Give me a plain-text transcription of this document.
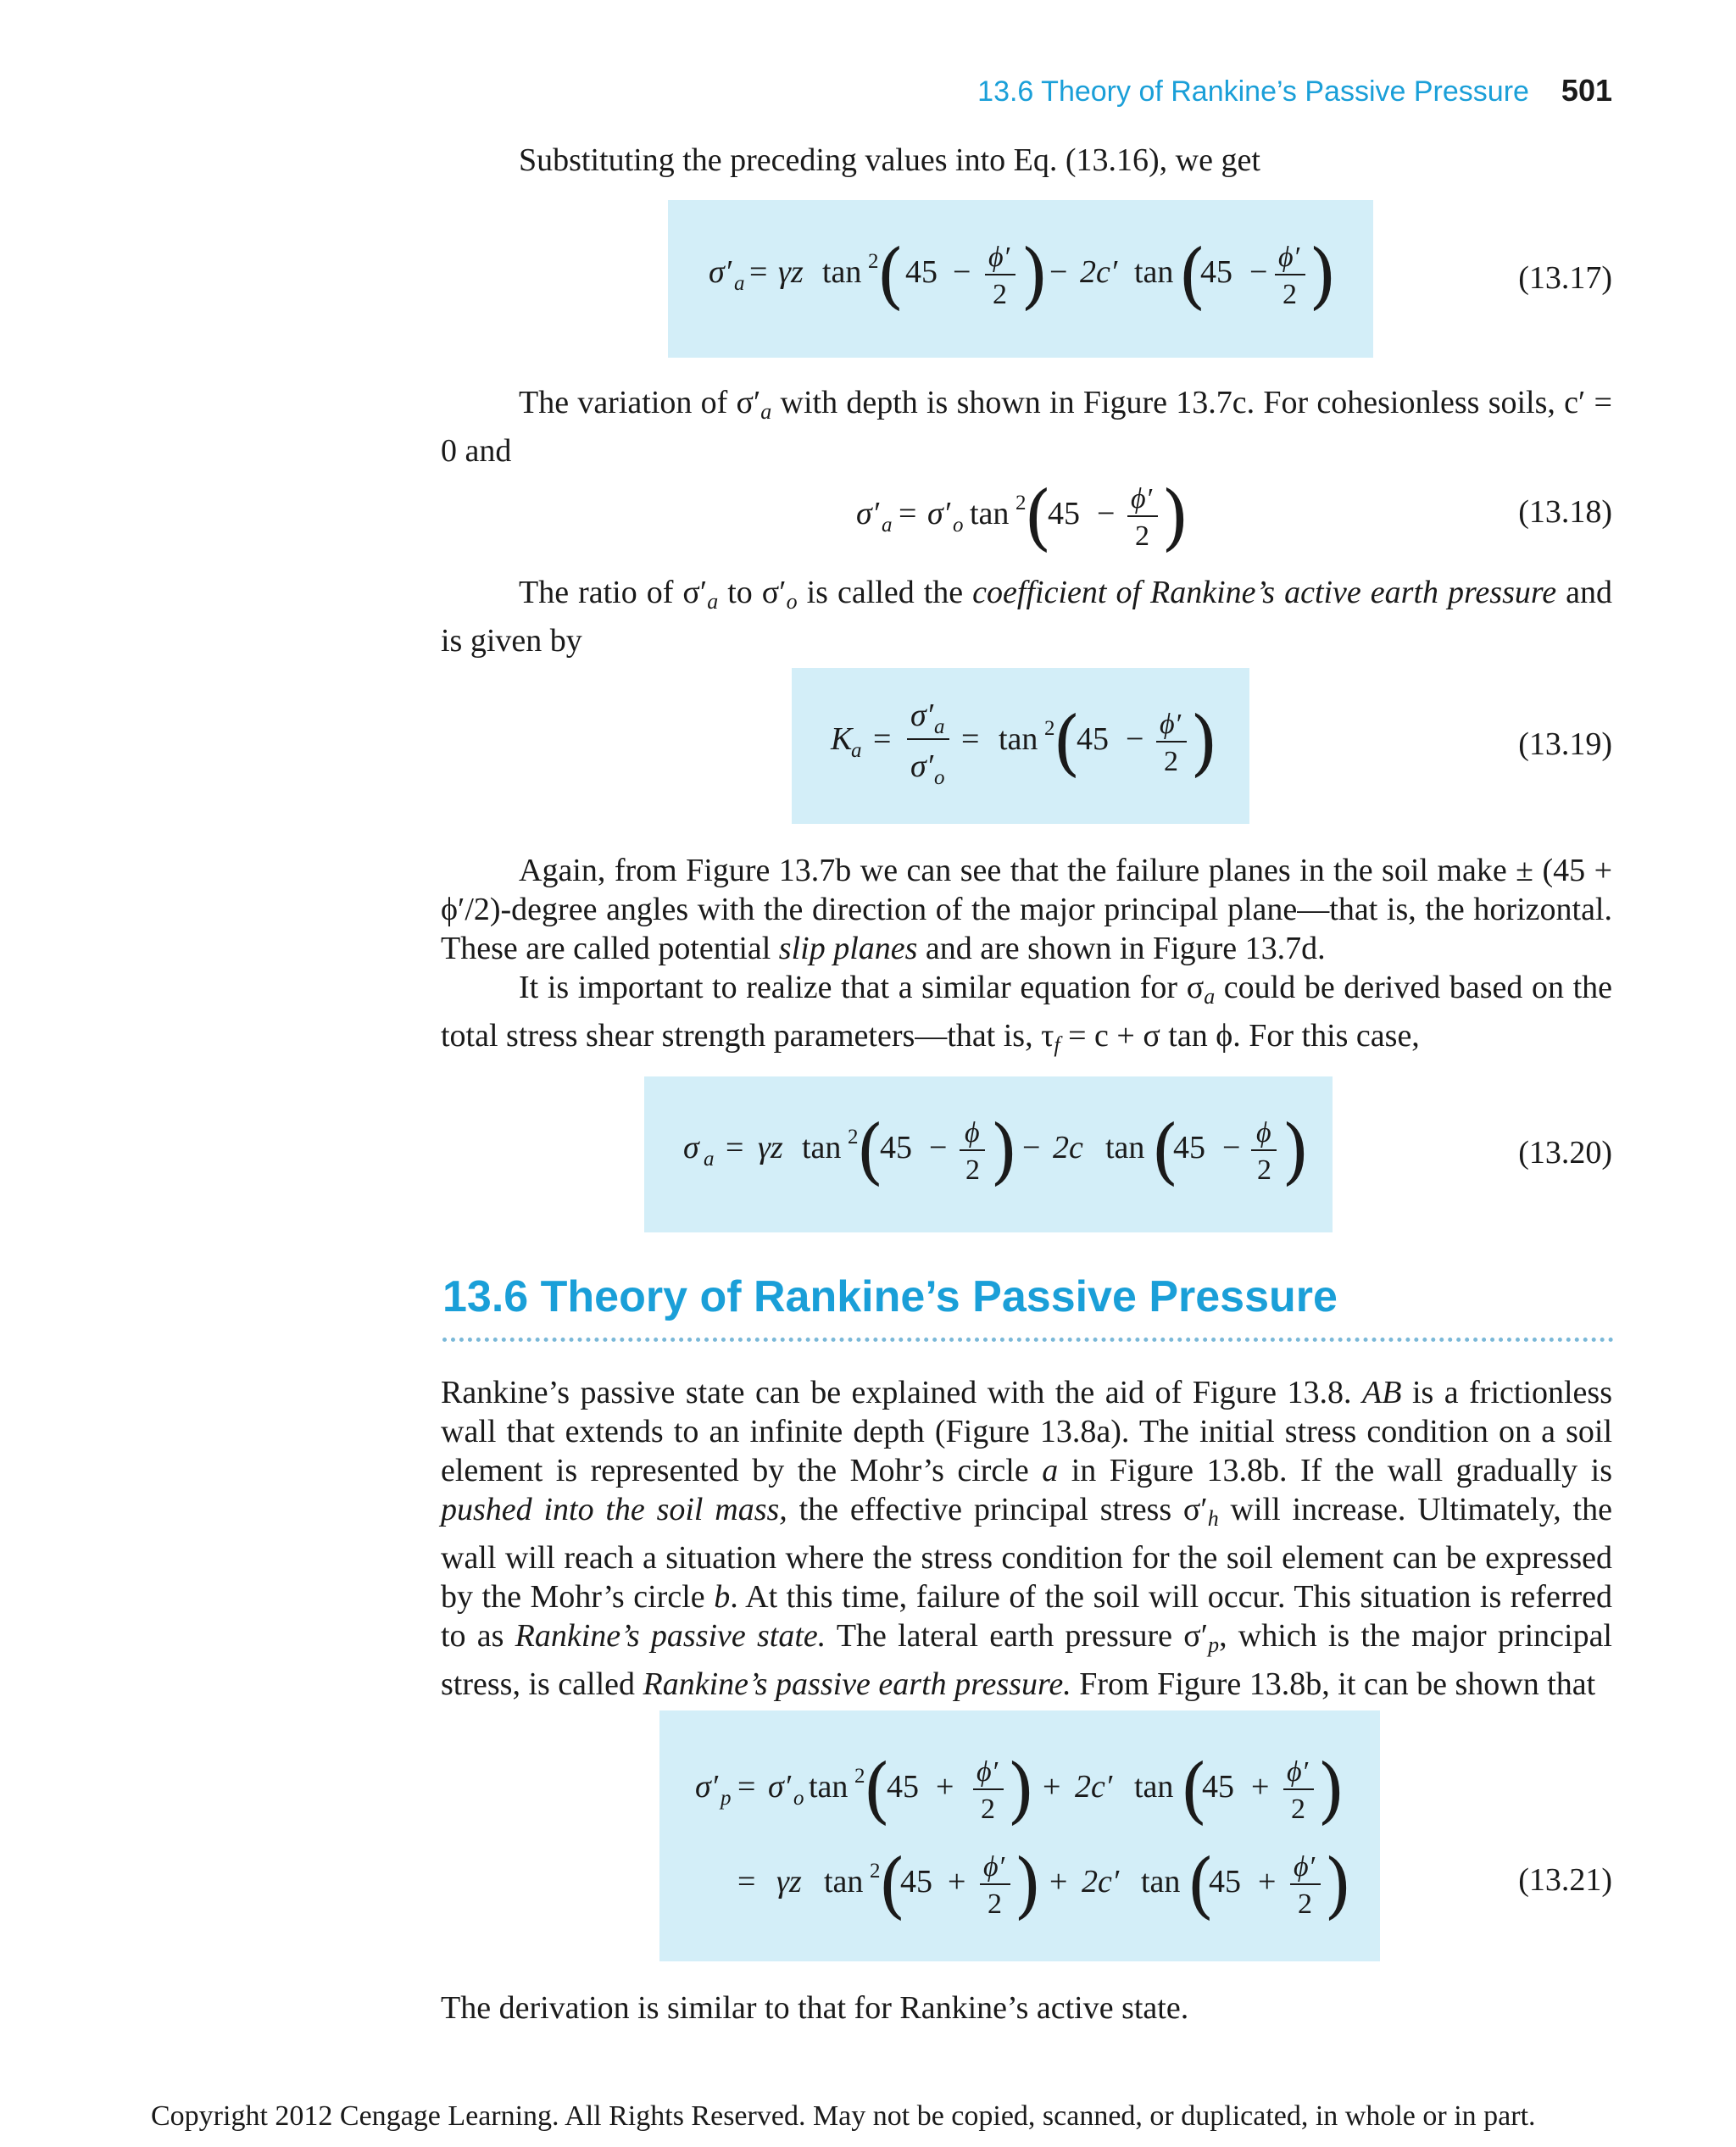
13.6 Theory of Rankine’s Passive Pressure 501

Substituting the preceding values into Eq. (13.16), we get

σ′ a = γz tan 2
( 45 − ϕ′
2 ) − 2c′ tan (
45 − ϕ′
2 )	(13.17)

The variation of σ′a with depth is shown in Figure 13.7c. For cohesionless soils, c′ = 0 and

σ′ a = σ′ o tan 2
(
45 − ϕ′
2 )	(13.18)

The ratio of σ′a to σ′o is called the coefficient of Rankine’s active earth pressure and is given by

K
a =
σ′ a
σ′ o
= tan 2
(
45 − ϕ′
2 )	(13.19)

Again, from Figure 13.7b we can see that the failure planes in the soil make ± (45 + ϕ′/2)-degree angles with the direction of the major principal plane—that is, the horizontal. These are called potential slip planes and are shown in Figure 13.7d.

It is important to realize that a similar equation for σa could be derived based on the total stress shear strength parameters—that is, τf = c + σ tan ϕ. For this case,

σ a = γz tan 2
(
45 − ϕ
2 ) − 2c tan (
45 − ϕ
2 )	(13.20)
13.6 Theory of Rankine’s Passive Pressure

Rankine’s passive state can be explained with the aid of Figure 13.8. AB is a frictionless wall that extends to an infinite depth (Figure 13.8a). The initial stress condition on a soil element is represented by the Mohr’s circle a in Figure 13.8b. If the wall gradually is pushed into the soil mass, the effective principal stress σ′h will increase. Ultimately, the wall will reach a situation where the stress condition for the soil element can be expressed by the Mohr’s circle b. At this time, failure of the soil will occur. This situation is referred to as Rankine’s passive state. The lateral earth pressure σ′p, which is the major principal stress, is called Rankine’s passive earth pressure. From Figure 13.8b, it can be shown that

σ′ p = σ′ o tan 2
(
45 + ϕ′
2 ) + 2c′ tan (
45 + ϕ′
2 )
= γz tan 2
(
45 + ϕ′
2 ) + 2c′ tan (
45 + ϕ′
2 )	(13.21)

The derivation is similar to that for Rankine’s active state.

Copyright 2012 Cengage Learning. All Rights Reserved. May not be copied, scanned, or duplicated, in whole or in part.
